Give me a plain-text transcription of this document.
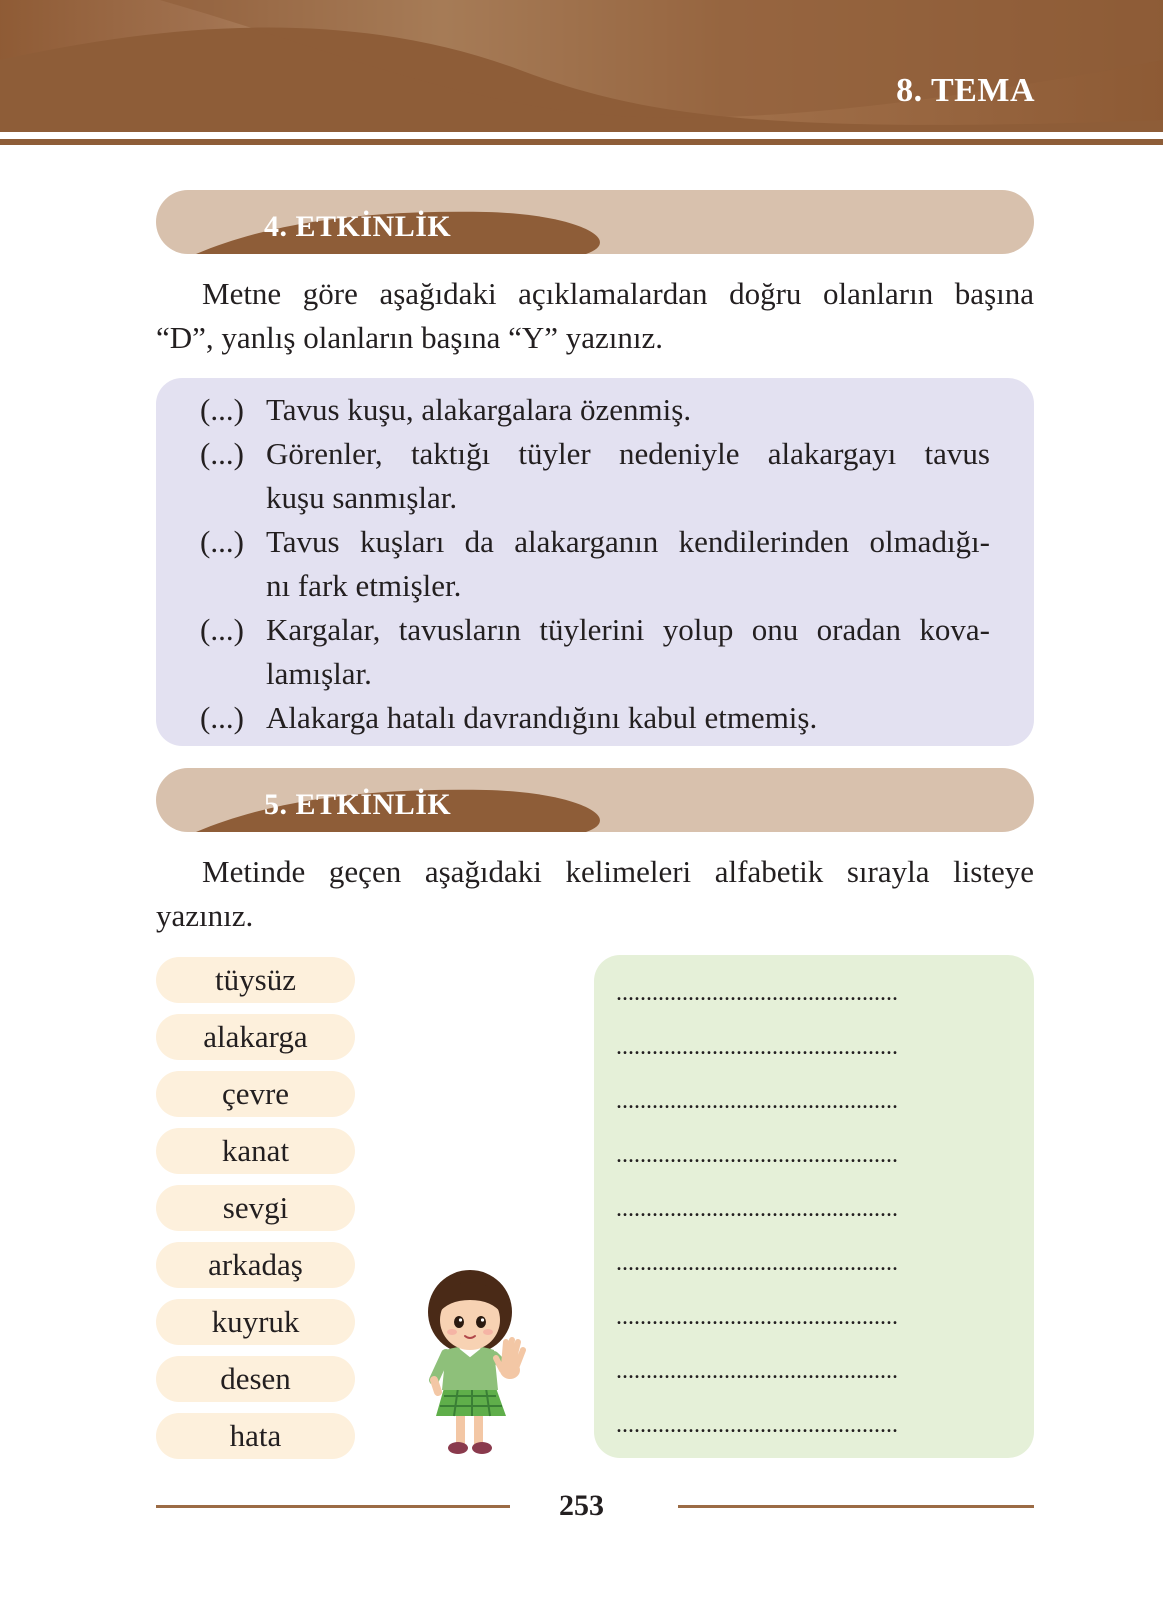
8. TEMA
4. ETKİNLİK
Metne göre aşağıdaki açıklamalardan doğru olanların başına
“D”, yanlış olanların başına “Y” yazınız.
(...) Tavus kuşu, alakargalara özenmiş.
(...) Görenler, taktığı tüyler nedeniyle alakargayı tavus
kuşu sanmışlar.
(...) Tavus kuşları da alakarganın kendilerinden olmadığı-
nı fark etmişler.
(...) Kargalar, tavusların tüylerini yolup onu oradan kova-
lamışlar.
(...) Alakarga hatalı davrandığını kabul etmemiş.
5. ETKİNLİK
Metinde geçen aşağıdaki kelimeleri alfabetik sırayla listeye
yazınız.
tüysüz
alakarga
çevre
kanat
sevgi
arkadaş
kuyruk
desen
hata
...............................................
...............................................
...............................................
...............................................
...............................................
...............................................
...............................................
...............................................
...............................................
253
